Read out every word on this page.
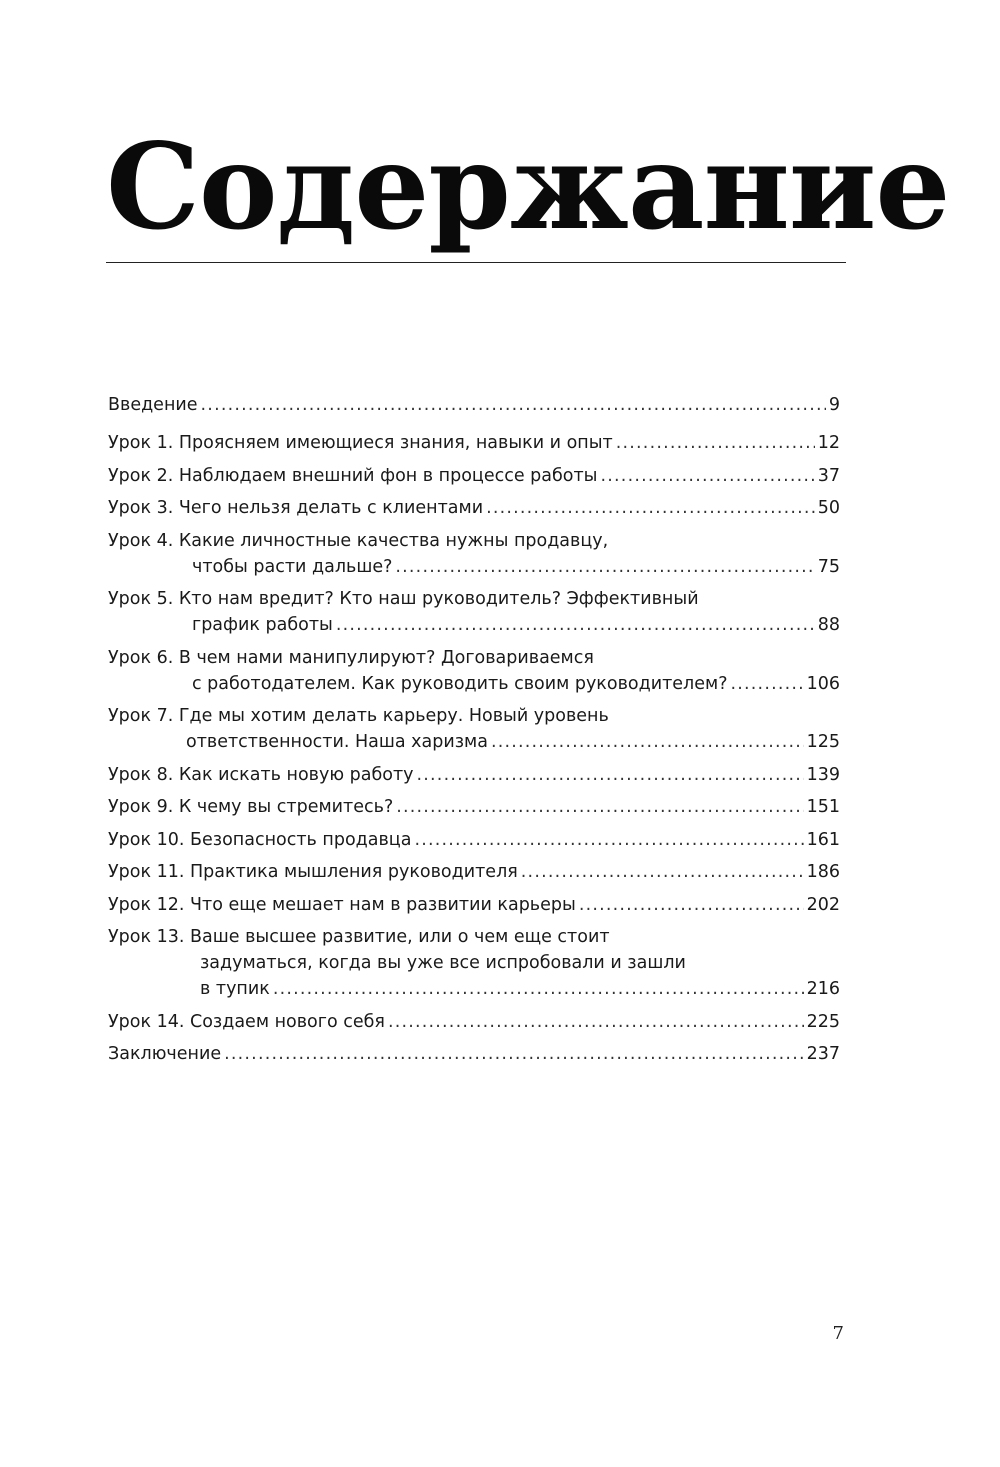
Содержание
Введение .....	9
Урок 1. Проясняем имеющиеся знания, навыки и опыт .....	12
Урок 2. Наблюдаем внешний фон в процессе работы .....	37
Урок 3. Чего нельзя делать с клиентами .....	50
Урок 4. Какие личностные качества нужны продавцу,
чтобы расти дальше? .....	75
Урок 5. Кто нам вредит? Кто наш руководитель? Эффективный
график работы .....	88
Урок 6. В чем нами манипулируют? Договариваемся
с работодателем. Как руководить своим руководителем? .....	106
Урок 7. Где мы хотим делать карьеру. Новый уровень
ответственности. Наша харизма .....	125
Урок 8. Как искать новую работу .....	139
Урок 9. К чему вы стремитесь? .....	151
Урок 10. Безопасность продавца .....	161
Урок 11. Практика мышления руководителя .....	186
Урок 12. Что еще мешает нам в развитии карьеры .....	202
Урок 13. Ваше высшее развитие, или о чем еще стоит
задуматься, когда вы уже все испробовали и зашли
в тупик .....	216
Урок 14. Создаем нового себя .....	225
Заключение .....	237
7
